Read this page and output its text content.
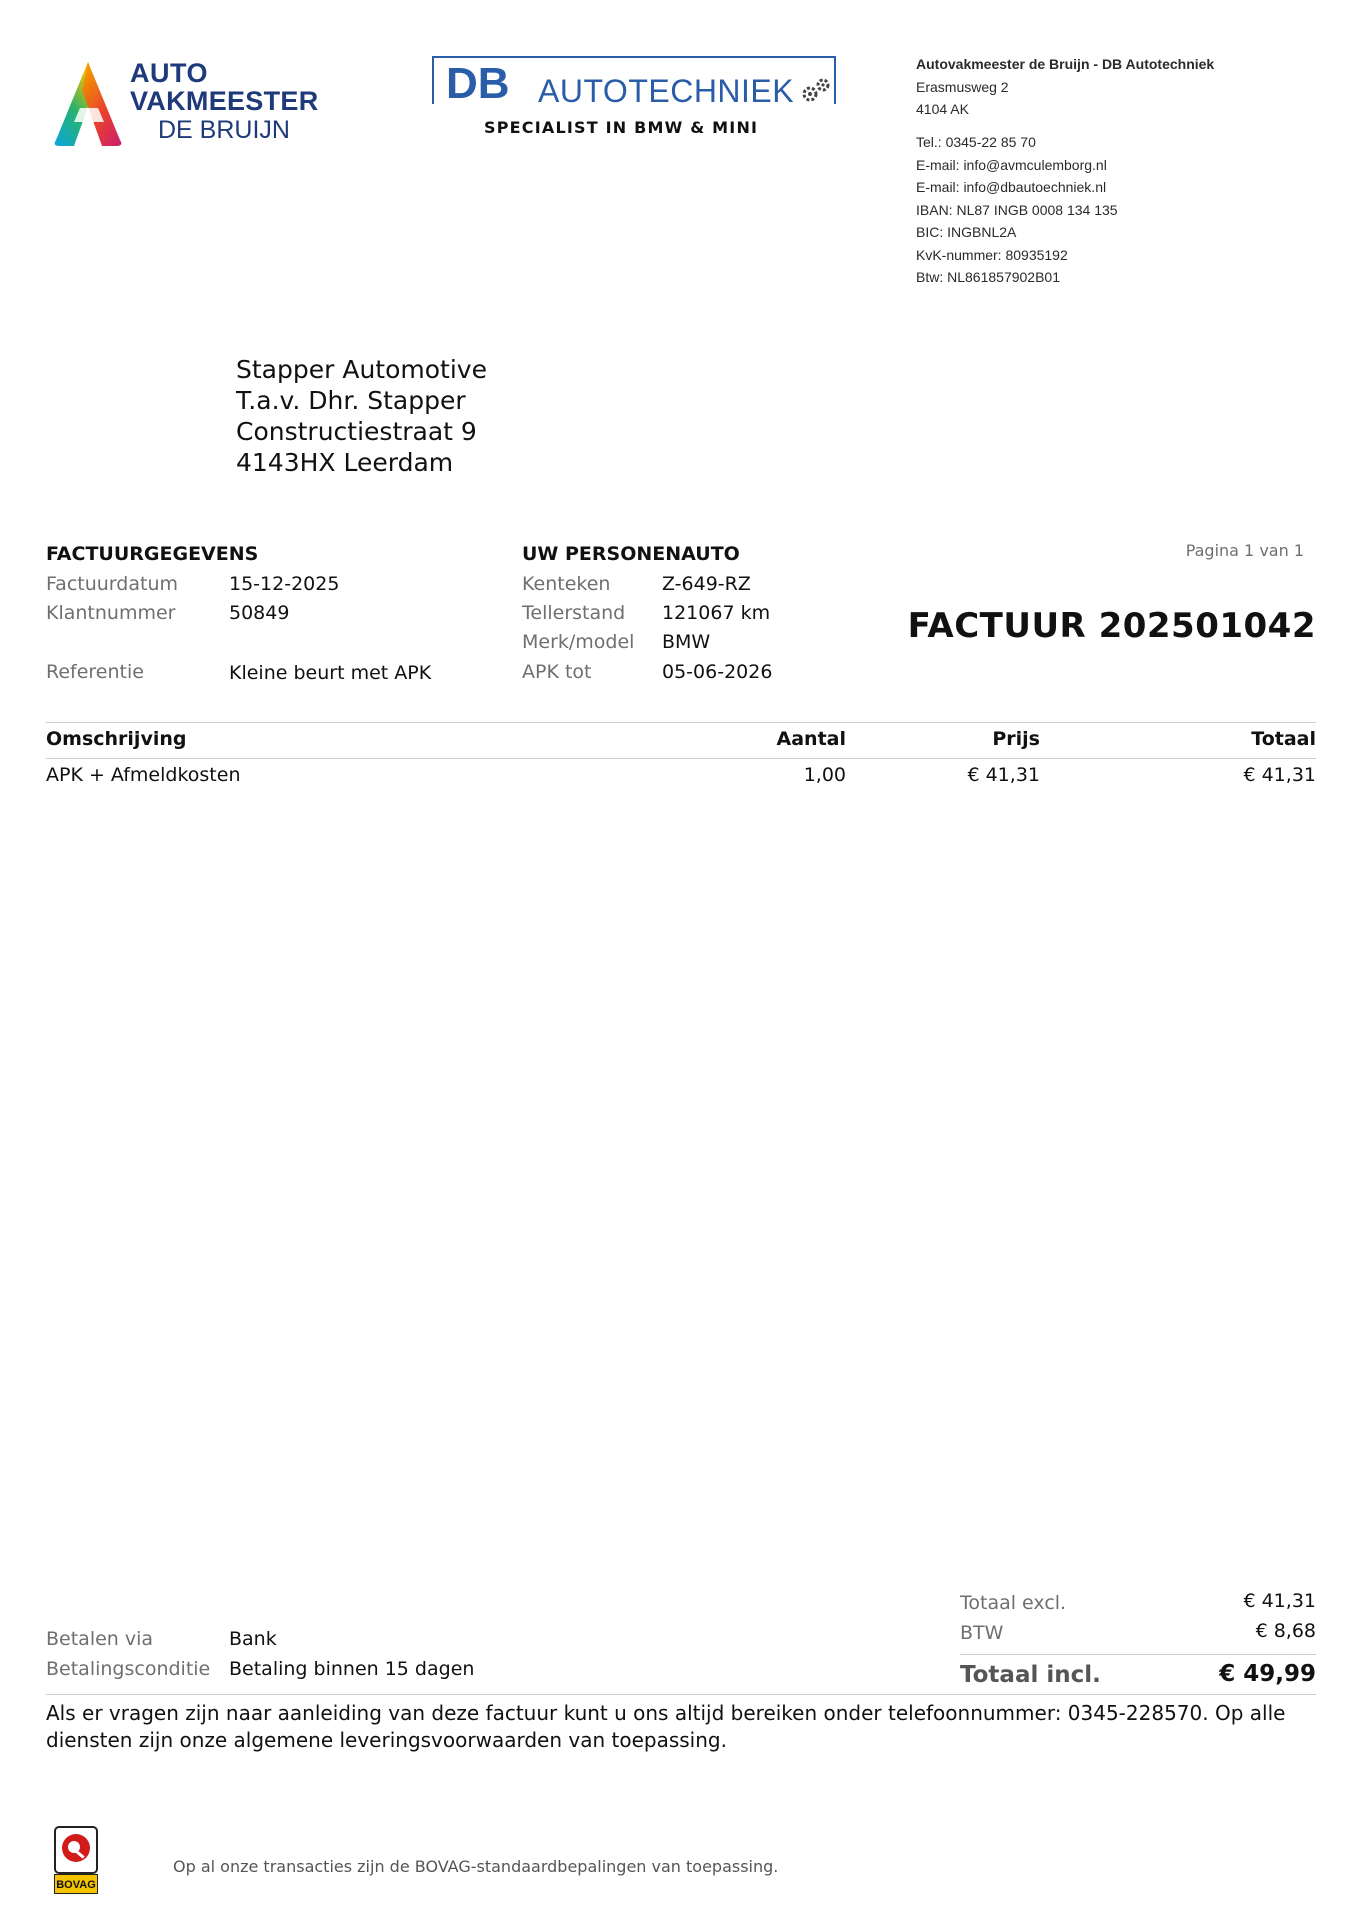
AUTO
VAKMEESTER
DE BRUIJN
DB AUTOTECHNIEK
SPECIALIST IN BMW & MINI
Autovakmeester de Bruijn - DB Autotechniek
Erasmusweg 2
4104 AK
Tel.: 0345-22 85 70
E-mail: info@avmculemborg.nl
E-mail: info@dbautoechniek.nl
IBAN: NL87 INGB 0008 134 135
BIC: INGBNL2A
KvK-nummer: 80935192
Btw: NL861857902B01
Stapper Automotive
T.a.v. Dhr. Stapper
Constructiestraat 9
4143HX Leerdam
FACTUURGEGEVENS
Factuurdatum	15-12-2025
Klantnummer	50849
Referentie	Kleine beurt met APK
UW PERSONENAUTO
Kenteken	Z-649-RZ
Tellerstand 121067 km
Merk/model BMW
APK tot	05-06-2026
Pagina 1 van 1
FACTUUR 202501042
Omschrijving	Aantal	Prijs	Totaal
APK + Afmeldkosten	1,00	€ 41,31	€ 41,31
Betalen via	Bank
Betalingsconditie Betaling binnen 15 dagen
Totaal excl.	€ 41,31
BTW	€ 8,68
Totaal incl.	€ 49,99
Als er vragen zijn naar aanleiding van deze factuur kunt u ons altijd bereiken onder telefoonnummer: 0345-228570. Op alle diensten zijn onze algemene leveringsvoorwaarden van toepassing.
BOVAG
Op al onze transacties zijn de BOVAG-standaardbepalingen van toepassing.
